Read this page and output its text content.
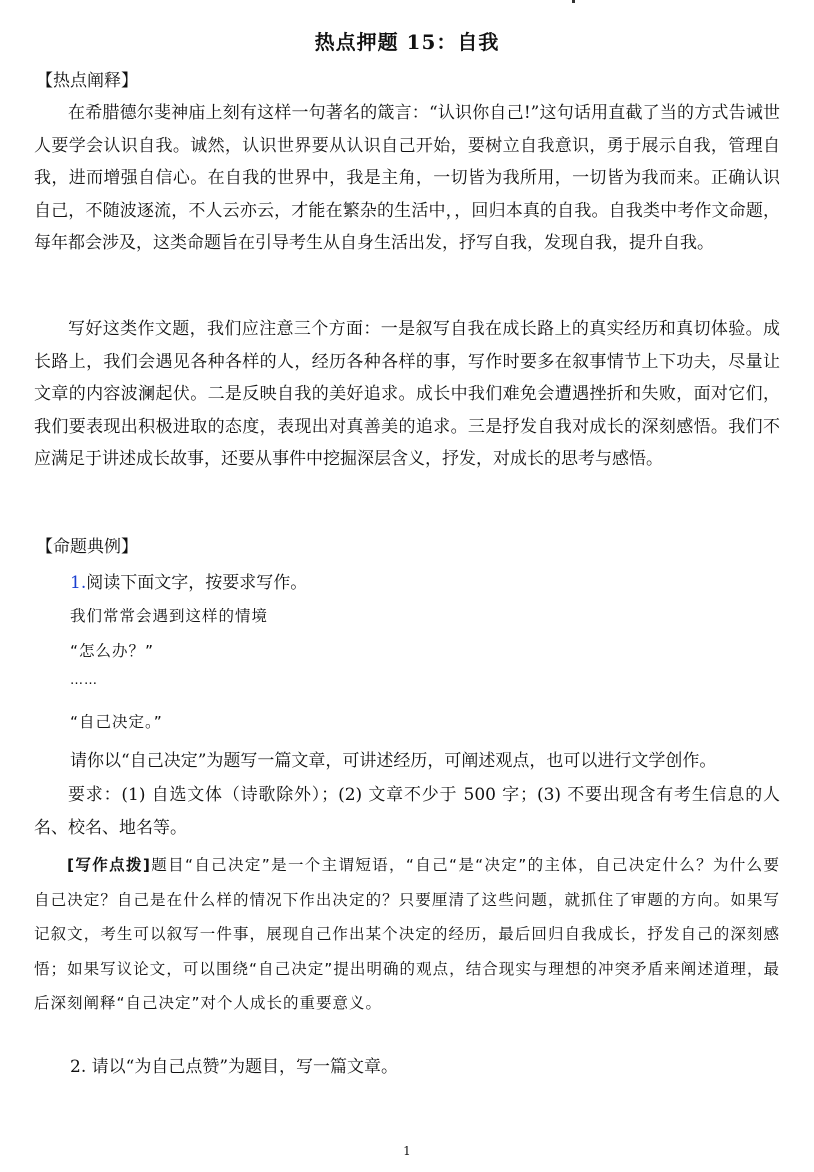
热点押题 15：自我
【热点阐释】

在希腊德尔斐神庙上刻有这样一句著名的箴言：“认识你自己!”这句话用直截了当的方式告诫世人要学会认识自我。诚然，认识世界要从认识自己开始，要树立自我意识，勇于展示自我，管理自我，进而增强自信心。在自我的世界中，我是主角，一切皆为我所用，一切皆为我而来。正确认识自己，不随波逐流，不人云亦云，才能在繁杂的生活中，，回归本真的自我。自我类中考作文命题，每年都会涉及，这类命题旨在引导考生从自身生活出发，抒写自我，发现自我，提升自我。

写好这类作文题，我们应注意三个方面：一是叙写自我在成长路上的真实经历和真切体验。成长路上，我们会遇见各种各样的人，经历各种各样的事，写作时要多在叙事情节上下功夫，尽量让文章的内容波澜起伏。二是反映自我的美好追求。成长中我们难免会遭遇挫折和失败，面对它们，我们要表现出积极进取的态度，表现出对真善美的追求。三是抒发自我对成长的深刻感悟。我们不应满足于讲述成长故事，还要从事件中挖掘深层含义，抒发，对成长的思考与感悟。

【命题典例】
1.阅读下面文字，按要求写作。
我们常常会遇到这样的情境
“怎么办？”
……
“自己决定。”
请你以“自己决定”为题写一篇文章，可讲述经历，可阐述观点，也可以进行文学创作。

要求：(1) 自选文体（诗歌除外）；(2) 文章不少于 500 字；(3) 不要出现含有考生信息的人名、校名、地名等。

[写作点拨]题目“自己决定”是一个主谓短语，“自己“是“决定”的主体，自己决定什么？为什么要自己决定？自己是在什么样的情况下作出决定的？只要厘清了这些问题，就抓住了审题的方向。如果写记叙文，考生可以叙写一件事，展现自己作出某个决定的经历，最后回归自我成长，抒发自己的深刻感悟；如果写议论文，可以围绕“自己决定”提出明确的观点，结合现实与理想的冲突矛盾来阐述道理，最后深刻阐释“自己决定”对个人成长的重要意义。

2. 请以“为自己点赞”为题目，写一篇文章。
1
